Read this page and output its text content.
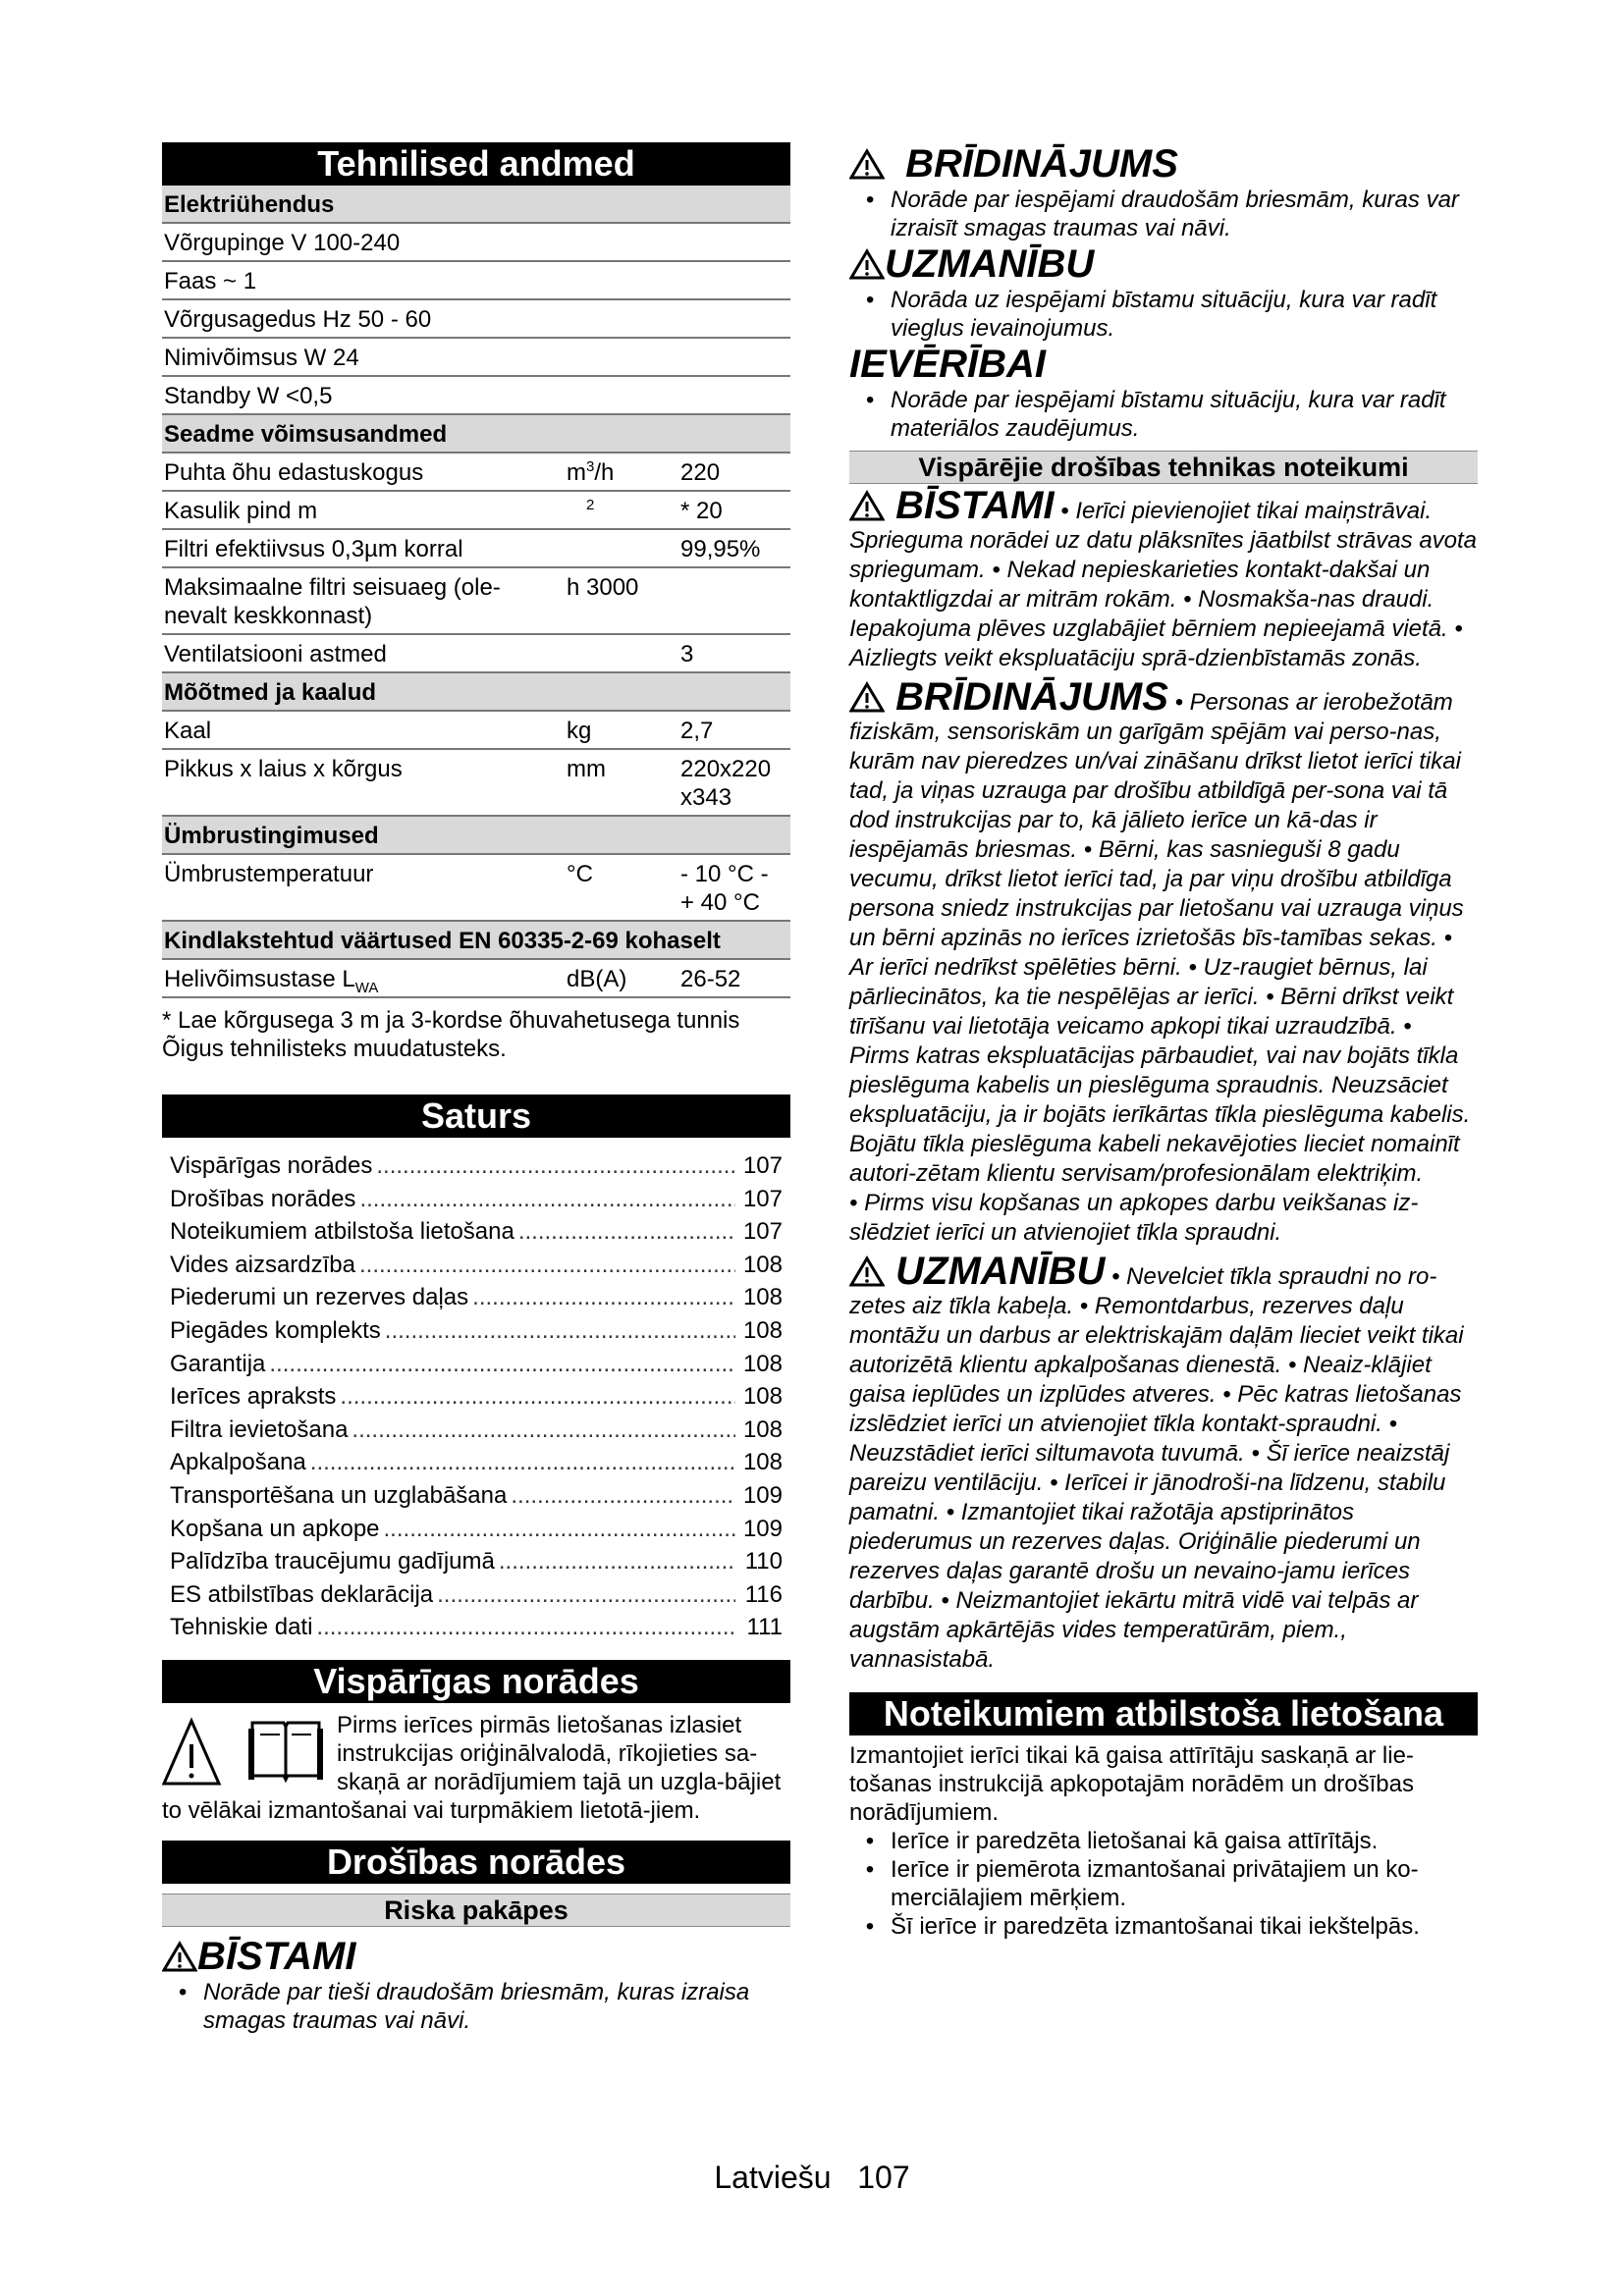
Tehnilised andmed
Elektriühendus		
Võrgupinge V 100-240		
Faas ~ 1		
Võrgusagedus Hz 50 - 60		
Nimivõimsus W 24		
Standby W <0,5		
Seadme võimsusandmed		
Puhta õhu edastuskogus	$m^3/h$	220
Kasulik pind m	$^2$	* 20
Filtri efektiivsus 0,3µm korral		99,95%
Maksimaalne filtri seisuaeg (ole-nevalt keskkonnast)	h 3000	
Ventilatsiooni astmed		3
Mõõtmed ja kaalud		
Kaal	kg	2,7
Pikkus x laius x kõrgus	mm	220x220 x343
Ümbrustingimused		
Ümbrustemperatuur	°C	- 10 °C - + 40 °C
Kindlakstehtud väärtused EN 60335-2-69 kohaselt		
Helivõimsustase $L_{WA}$	dB(A)	26-52
* Lae kõrgusega 3 m ja 3-kordse õhuvahetusega tunnis
Õigus tehnilisteks muudatusteks.
Saturs
Vispārīgas norādes .....	107
Drošības norādes .....	107
Noteikumiem atbilstoša lietošana .....	107
Vides aizsardzība .....	108
Piederumi un rezerves daļas .....	108
Piegādes komplekts .....	108
Garantija .....	108
Ierīces apraksts .....	108
Filtra ievietošana .....	108
Apkalpošana .....	108
Transportēšana un uzglabāšana .....	109
Kopšana un apkope .....	109
Palīdzība traucējumu gadījumā .....	110
ES atbilstības deklarācija .....	116
Tehniskie dati .....	111
Vispārīgas norādes
Pirms ierīces pirmās lietošanas izlasiet instrukcijas oriģinālvalodā, rīkojieties sa-skaņā ar norādījumiem tajā un uzgla-bājiet to vēlākai izmantošanai vai turpmākiem lietotā-jiem.
Drošības norādes
Riska pakāpes
BĪSTAMI
• Norāde par tieši draudošām briesmām, kuras izraisa smagas traumas vai nāvi.
BRĪDINĀJUMS
• Norāde par iespējami draudošām briesmām, kuras var izraisīt smagas traumas vai nāvi.
UZMANĪBU
• Norāda uz iespējami bīstamu situāciju, kura var radīt vieglus ievainojumus.
IEVĒRĪBAI
• Norāde par iespējami bīstamu situāciju, kura var radīt materiālos zaudējumus.
Vispārējie drošības tehnikas noteikumi
BĪSTAMI • Ierīci pievienojiet tikai maiņstrāvai. Sprieguma norādei uz datu plāksnītes jāatbilst strāvas avota spriegumam. • Nekad nepieskarieties kontakt-dakšai un kontaktligzdai ar mitrām rokām. • Nosmakša-nas draudi. Iepakojuma plēves uzglabājiet bērniem nepieejamā vietā. • Aizliegts veikt ekspluatāciju sprā-dzienbīstamās zonās.
BRĪDINĀJUMS • Personas ar ierobežotām fiziskām, sensoriskām un garīgām spējām vai perso-nas, kurām nav pieredzes un/vai zināšanu drīkst lietot ierīci tikai tad, ja viņas uzrauga par drošību atbildīgā per-sona vai tā dod instrukcijas par to, kā jālieto ierīce un kā-das ir iespējamās briesmas. • Bērni, kas sasnieguši 8 gadu vecumu, drīkst lietot ierīci tad, ja par viņu drošību atbildīga persona sniedz instrukcijas par lietošanu vai uzrauga viņus un bērni apzinās no ierīces izrietošās bīs-tamības sekas. • Ar ierīci nedrīkst spēlēties bērni. • Uz-raugiet bērnus, lai pārliecinātos, ka tie nespēlējas ar ierīci. • Bērni drīkst veikt tīrīšanu vai lietotāja veicamo apkopi tikai uzraudzībā. • Pirms katras ekspluatācijas pārbaudiet, vai nav bojāts tīkla pieslēguma kabelis un pieslēguma spraudnis. Neuzsāciet ekspluatāciju, ja ir bojāts ierīkārtas tīkla pieslēguma kabelis. Bojātu tīkla pieslēguma kabeli nekavējoties lieciet nomainīt autori-zētam klientu servisam/profesionālam elektriķim.
• Pirms visu kopšanas un apkopes darbu veikšanas iz-slēdziet ierīci un atvienojiet tīkla spraudni.
UZMANĪBU • Nevelciet tīkla spraudni no ro-zetes aiz tīkla kabeļa. • Remontdarbus, rezerves daļu montāžu un darbus ar elektriskajām daļām lieciet veikt tikai autorizētā klientu apkalpošanas dienestā. • Neaiz-klājiet gaisa ieplūdes un izplūdes atveres. • Pēc katras lietošanas izslēdziet ierīci un atvienojiet tīkla kontakt-spraudni. • Neuzstādiet ierīci siltumavota tuvumā. • Šī ierīce neaizstāj pareizu ventilāciju. • Ierīcei ir jānodroši-na līdzenu, stabilu pamatni. • Izmantojiet tikai ražotāja apstiprinātos piederumus un rezerves daļas. Oriģinālie piederumi un rezerves daļas garantē drošu un nevaino-jamu ierīces darbību. • Neizmantojiet iekārtu mitrā vidē vai telpās ar augstām apkārtējās vides temperatūrām, piem., vannasistabā.
Noteikumiem atbilstoša lietošana
Izmantojiet ierīci tikai kā gaisa attīrītāju saskaņā ar lie-tošanas instrukcijā apkopotajām norādēm un drošības norādījumiem.
• Ierīce ir paredzēta lietošanai kā gaisa attīrītājs.
• Ierīce ir piemērota izmantošanai privātajiem un ko-merciālajiem mērķiem.
• Šī ierīce ir paredzēta izmantošanai tikai iekštelpās.
Latviešu 107
